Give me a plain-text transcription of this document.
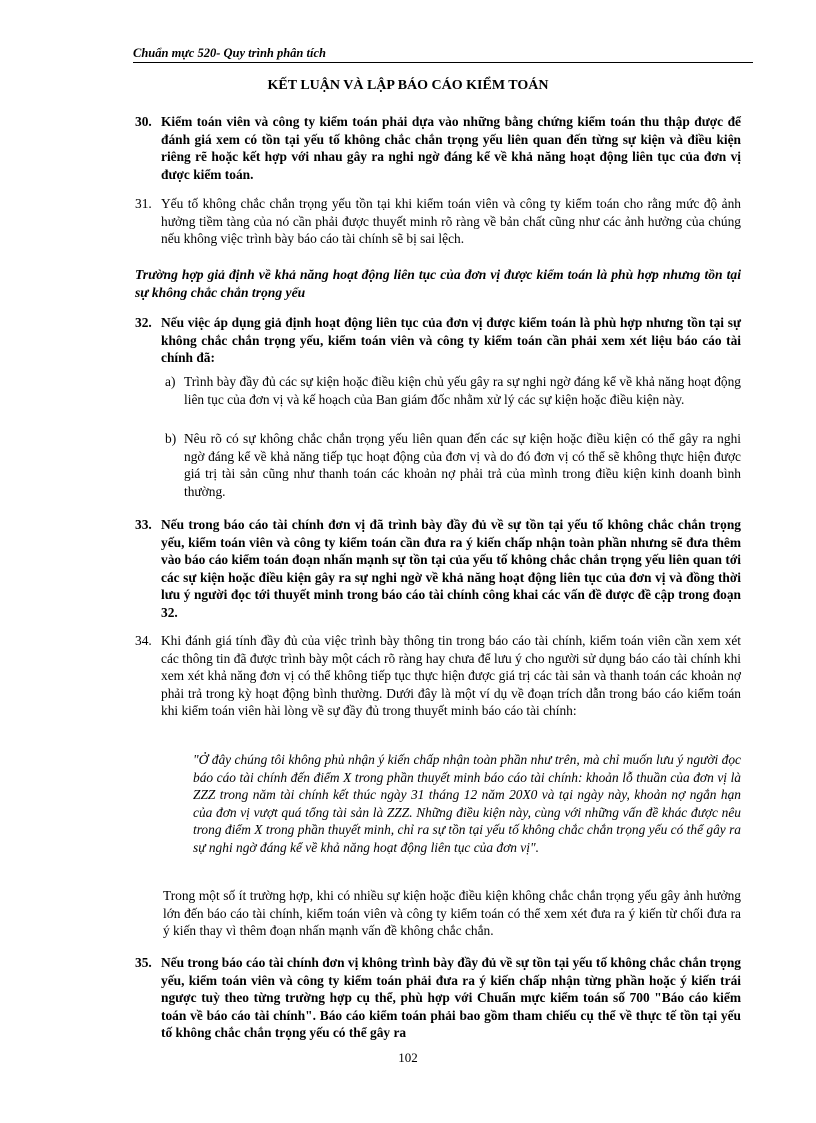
Chuẩn mực 520- Quy trình phân tích
KẾT LUẬN VÀ LẬP BÁO CÁO KIỂM TOÁN
30. Kiểm toán viên và công ty kiểm toán phải dựa vào những bằng chứng kiểm toán thu thập được để đánh giá xem có tồn tại yếu tố không chắc chắn trọng yếu liên quan đến từng sự kiện và điều kiện riêng rẽ hoặc kết hợp với nhau gây ra nghi ngờ đáng kể về khả năng hoạt động liên tục của đơn vị được kiểm toán.
31. Yếu tố không chắc chắn trọng yếu tồn tại khi kiểm toán viên và công ty kiểm toán cho rằng mức độ ảnh hưởng tiềm tàng của nó cần phải được thuyết minh rõ ràng về bản chất cũng như các ảnh hưởng của chúng nếu không việc trình bày báo cáo tài chính sẽ bị sai lệch.
Trường hợp giả định về khả năng hoạt động liên tục của đơn vị được kiểm toán là phù hợp nhưng tồn tại sự không chắc chắn trọng yếu
32. Nếu việc áp dụng giả định hoạt động liên tục của đơn vị được kiểm toán là phù hợp nhưng tồn tại sự không chắc chắn trọng yếu, kiểm toán viên và công ty kiểm toán cần phải xem xét liệu báo cáo tài chính đã:
a) Trình bày đầy đủ các sự kiện hoặc điều kiện chủ yếu gây ra sự nghi ngờ đáng kể về khả năng hoạt động liên tục của đơn vị và kế hoạch của Ban giám đốc nhằm xử lý các sự kiện hoặc điều kiện này.
b) Nêu rõ có sự không chắc chắn trọng yếu liên quan đến các sự kiện hoặc điều kiện có thể gây ra nghi ngờ đáng kể về khả năng tiếp tục hoạt động của đơn vị và do đó đơn vị có thể sẽ không thực hiện được giá trị tài sản cũng như thanh toán các khoản nợ phải trả của mình trong điều kiện kinh doanh bình thường.
33. Nếu trong báo cáo tài chính đơn vị đã trình bày đầy đủ về sự tồn tại yếu tố không chắc chắn trọng yếu, kiểm toán viên và công ty kiểm toán cần đưa ra ý kiến chấp nhận toàn phần nhưng sẽ đưa thêm vào báo cáo kiểm toán đoạn nhấn mạnh sự tồn tại của yếu tố không chắc chắn trọng yếu liên quan tới các sự kiện hoặc điều kiện gây ra sự nghi ngờ về khả năng hoạt động liên tục của đơn vị và đồng thời lưu ý người đọc tới thuyết minh trong báo cáo tài chính công khai các vấn đề được đề cập trong đoạn 32.
34. Khi đánh giá tính đầy đủ của việc trình bày thông tin trong báo cáo tài chính, kiểm toán viên cần xem xét các thông tin đã được trình bày một cách rõ ràng hay chưa để lưu ý cho người sử dụng báo cáo tài chính khi xem xét khả năng đơn vị có thể không tiếp tục thực hiện được giá trị các tài sản và thanh toán các khoản nợ phải trả trong kỳ hoạt động bình thường. Dưới đây là một ví dụ về đoạn trích dẫn trong báo cáo kiểm toán khi kiểm toán viên hài lòng về sự đầy đủ trong thuyết minh báo cáo tài chính:
"Ở đây chúng tôi không phủ nhận ý kiến chấp nhận toàn phần như trên, mà chỉ muốn lưu ý người đọc báo cáo tài chính đến điểm X trong phần thuyết minh báo cáo tài chính: khoản lỗ thuần của đơn vị là ZZZ trong năm tài chính kết thúc ngày 31 tháng 12 năm 20X0 và tại ngày này, khoản nợ ngắn hạn của đơn vị vượt quá tổng tài sản là ZZZ. Những điều kiện này, cùng với những vấn đề khác được nêu trong điểm X trong phần thuyết minh, chỉ ra sự tồn tại yếu tố không chắc chắn trọng yếu có thể gây ra sự nghi ngờ đáng kể về khả năng hoạt động liên tục của đơn vị".
Trong một số ít trường hợp, khi có nhiều sự kiện hoặc điều kiện không chắc chắn trọng yếu gây ảnh hưởng lớn đến báo cáo tài chính, kiểm toán viên và công ty kiểm toán có thể xem xét đưa ra ý kiến từ chối đưa ra ý kiến thay vì thêm đoạn nhấn mạnh vấn đề không chắc chắn.
35. Nếu trong báo cáo tài chính đơn vị không trình bày đầy đủ về sự tồn tại yếu tố không chắc chắn trọng yếu, kiểm toán viên và công ty kiểm toán phải đưa ra ý kiến chấp nhận từng phần hoặc ý kiến trái ngược tuỳ theo từng trường hợp cụ thể, phù hợp với Chuẩn mực kiểm toán số 700 "Báo cáo kiểm toán về báo cáo tài chính". Báo cáo kiểm toán phải bao gồm tham chiếu cụ thể về thực tế tồn tại yếu tố không chắc chắn trọng yếu có thể gây ra
102
